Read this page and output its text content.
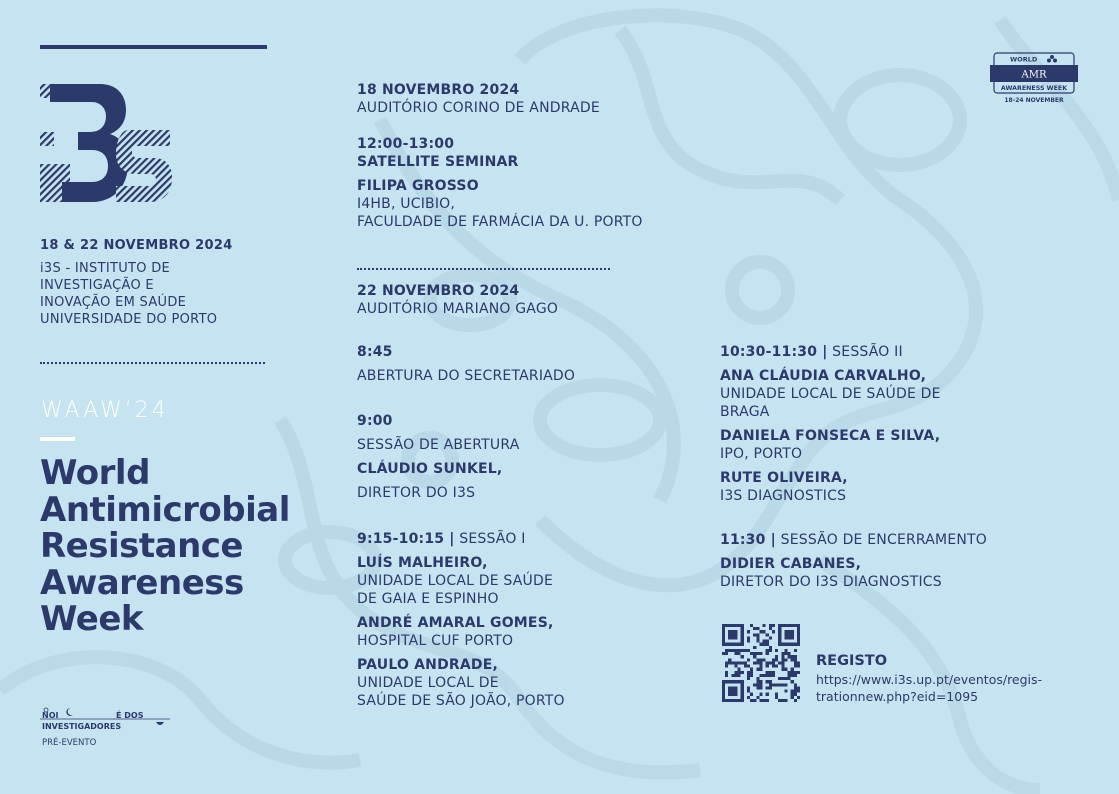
18 & 22 NOVEMBRO 2024
i3S - INSTITUTO DE
INVESTIGAÇÃO E
INOVAÇÃO EM SAÚDE
UNIVERSIDADE DO PORTO
WAAW’24
World
Antimicrobial
Resistance
Awareness
Week
NOI	É DOS
INVESTIGADORES
PRÉ-EVENTO
18 NOVEMBRO 2024
AUDITÓRIO CORINO DE ANDRADE
12:00-13:00
SATELLITE SEMINAR
FILIPA GROSSO
I4HB, UCIBIO,
FACULDADE DE FARMÁCIA DA U. PORTO
22 NOVEMBRO 2024
AUDITÓRIO MARIANO GAGO
8:45
ABERTURA DO SECRETARIADO
9:00
SESSÃO DE ABERTURA
CLÁUDIO SUNKEL,
DIRETOR DO I3S
9:15-10:15 | SESSÃO I
LUÍS MALHEIRO,
UNIDADE LOCAL DE SAÚDE
DE GAIA E ESPINHO
ANDRÉ AMARAL GOMES,
HOSPITAL CUF PORTO
PAULO ANDRADE,
UNIDADE LOCAL DE
SAÚDE DE SÃO JOÃO, PORTO
10:30-11:30 | SESSÃO II
ANA CLÁUDIA CARVALHO,
UNIDADE LOCAL DE SAÚDE DE
BRAGA
DANIELA FONSECA E SILVA,
IPO, PORTO
RUTE OLIVEIRA,
I3S DIAGNOSTICS
11:30 | SESSÃO DE ENCERRAMENTO
DIDIER CABANES,
DIRETOR DO I3S DIAGNOSTICS
REGISTO
https://www.i3s.up.pt/eventos/regis-
trationnew.php?eid=1095
WORLD
AMR
AWARENESS WEEK
18-24 NOVEMBER
